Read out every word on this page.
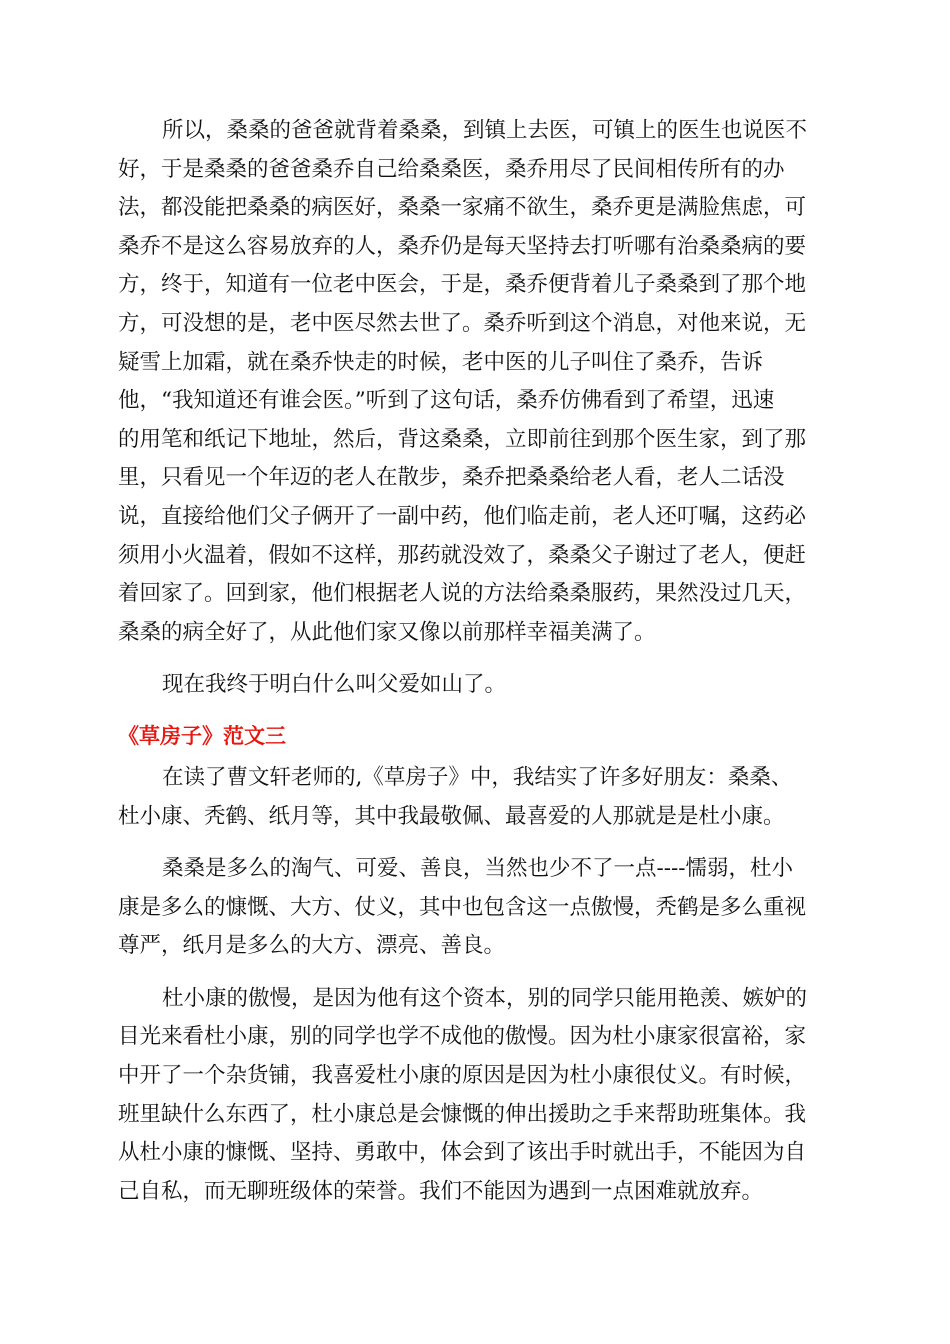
所以，桑桑的爸爸就背着桑桑，到镇上去医，可镇上的医生也说医不
好，于是桑桑的爸爸桑乔自己给桑桑医，桑乔用尽了民间相传所有的办
法，都没能把桑桑的病医好，桑桑一家痛不欲生，桑乔更是满脸焦虑，可
桑乔不是这么容易放弃的人，桑乔仍是每天坚持去打听哪有治桑桑病的要
方，终于，知道有一位老中医会，于是，桑乔便背着儿子桑桑到了那个地
方，可没想的是，老中医尽然去世了。桑乔听到这个消息，对他来说，无
疑雪上加霜，就在桑乔快走的时候，老中医的儿子叫住了桑乔，告诉
他，“我知道还有谁会医。”听到了这句话，桑乔仿佛看到了希望，迅速
的用笔和纸记下地址，然后，背这桑桑，立即前往到那个医生家，到了那
里，只看见一个年迈的老人在散步，桑乔把桑桑给老人看，老人二话没
说，直接给他们父子俩开了一副中药，他们临走前，老人还叮嘱，这药必
须用小火温着，假如不这样，那药就没效了，桑桑父子谢过了老人，便赶
着回家了。回到家，他们根据老人说的方法给桑桑服药，果然没过几天，
桑桑的病全好了，从此他们家又像以前那样幸福美满了。

现在我终于明白什么叫父爱如山了。

《草房子》范文三

在读了曹文轩老师的,《草房子》中，我结实了许多好朋友：桑桑、
杜小康、秃鹤、纸月等，其中我最敬佩、最喜爱的人那就是是杜小康。

桑桑是多么的淘气、可爱、善良，当然也少不了一点----懦弱，杜小
康是多么的慷慨、大方、仗义，其中也包含这一点傲慢，秃鹤是多么重视
尊严，纸月是多么的大方、漂亮、善良。

杜小康的傲慢，是因为他有这个资本，别的同学只能用艳羡、嫉妒的
目光来看杜小康，别的同学也学不成他的傲慢。因为杜小康家很富裕，家
中开了一个杂货铺，我喜爱杜小康的原因是因为杜小康很仗义。有时候，
班里缺什么东西了，杜小康总是会慷慨的伸出援助之手来帮助班集体。我
从杜小康的慷慨、坚持、勇敢中，体会到了该出手时就出手，不能因为自
己自私，而无聊班级体的荣誉。我们不能因为遇到一点困难就放弃。
